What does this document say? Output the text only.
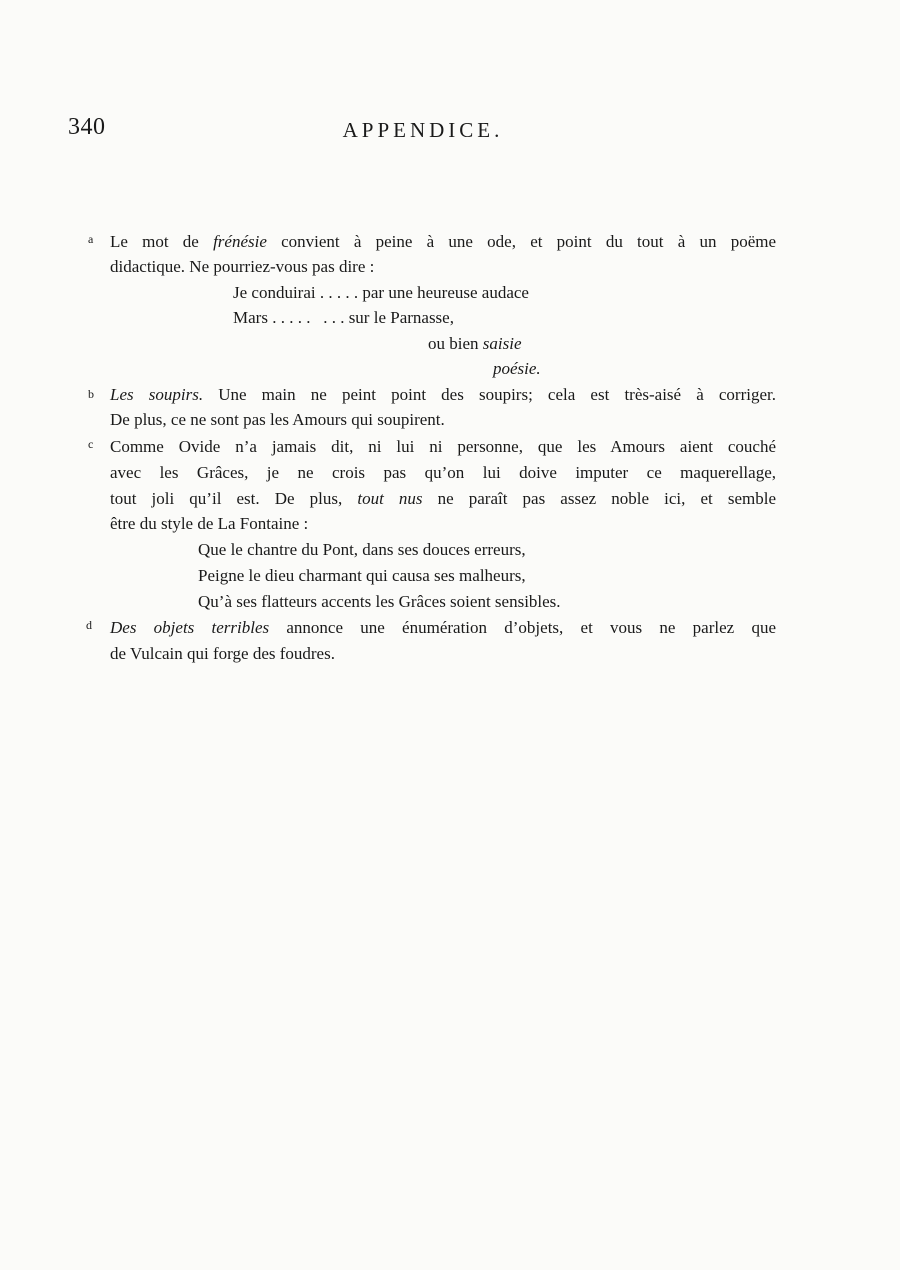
340	APPENDICE.
a Le mot de frénésie convient à peine à une ode, et point du tout à un poëme
didactique. Ne pourriez-vous pas dire :
Je conduirai . . . . . par une heureuse audace
Mars . . . . .   . . . sur le Parnasse,
ou bien saisie
poésie.
b Les soupirs. Une main ne peint point des soupirs; cela est très-aisé à corriger.
De plus, ce ne sont pas les Amours qui soupirent.
c Comme Ovide n’a jamais dit, ni lui ni personne, que les Amours aient couché
avec les Grâces, je ne crois pas qu’on lui doive imputer ce maquerellage,
tout joli qu’il est. De plus, tout nus ne paraît pas assez noble ici, et semble
être du style de La Fontaine :
Que le chantre du Pont, dans ses douces erreurs,
Peigne le dieu charmant qui causa ses malheurs,
Qu’à ses flatteurs accents les Grâces soient sensibles.
d Des objets terribles annonce une énumération d’objets, et vous ne parlez que
de Vulcain qui forge des foudres.
